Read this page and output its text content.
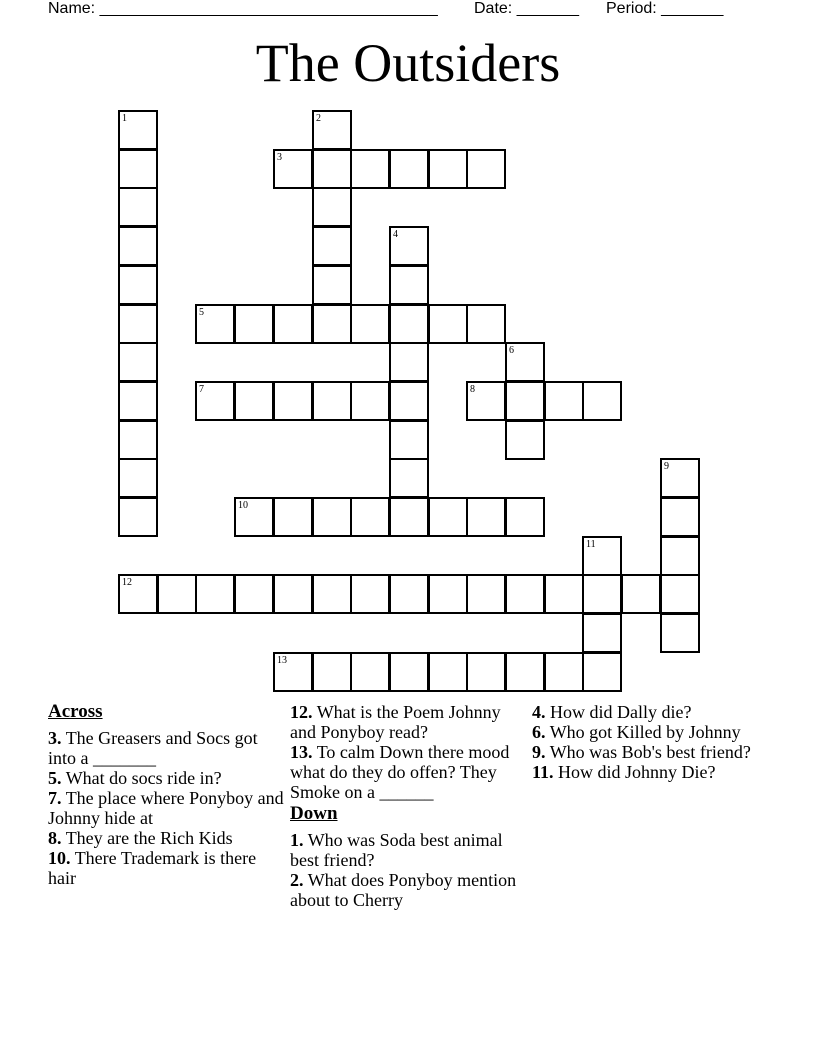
Name: ______________________________________ Date: _______ Period: _______
The Outsiders
1	2
3
4
5
6
7	8
9
10
11
12
13
Across
3. The Greasers and Socs got into a _______
5. What do socs ride in?
7. The place where Ponyboy and Johnny hide at
8. They are the Rich Kids
10. There Trademark is there hair
12. What is the Poem Johnny and Ponyboy read?
13. To calm Down there mood what do they do offen? They Smoke on a ______
Down
1. Who was Soda best animal best friend?
2. What does Ponyboy mention about to Cherry
4. How did Dally die?
6. Who got Killed by Johnny
9. Who was Bob's best friend?
11. How did Johnny Die?
